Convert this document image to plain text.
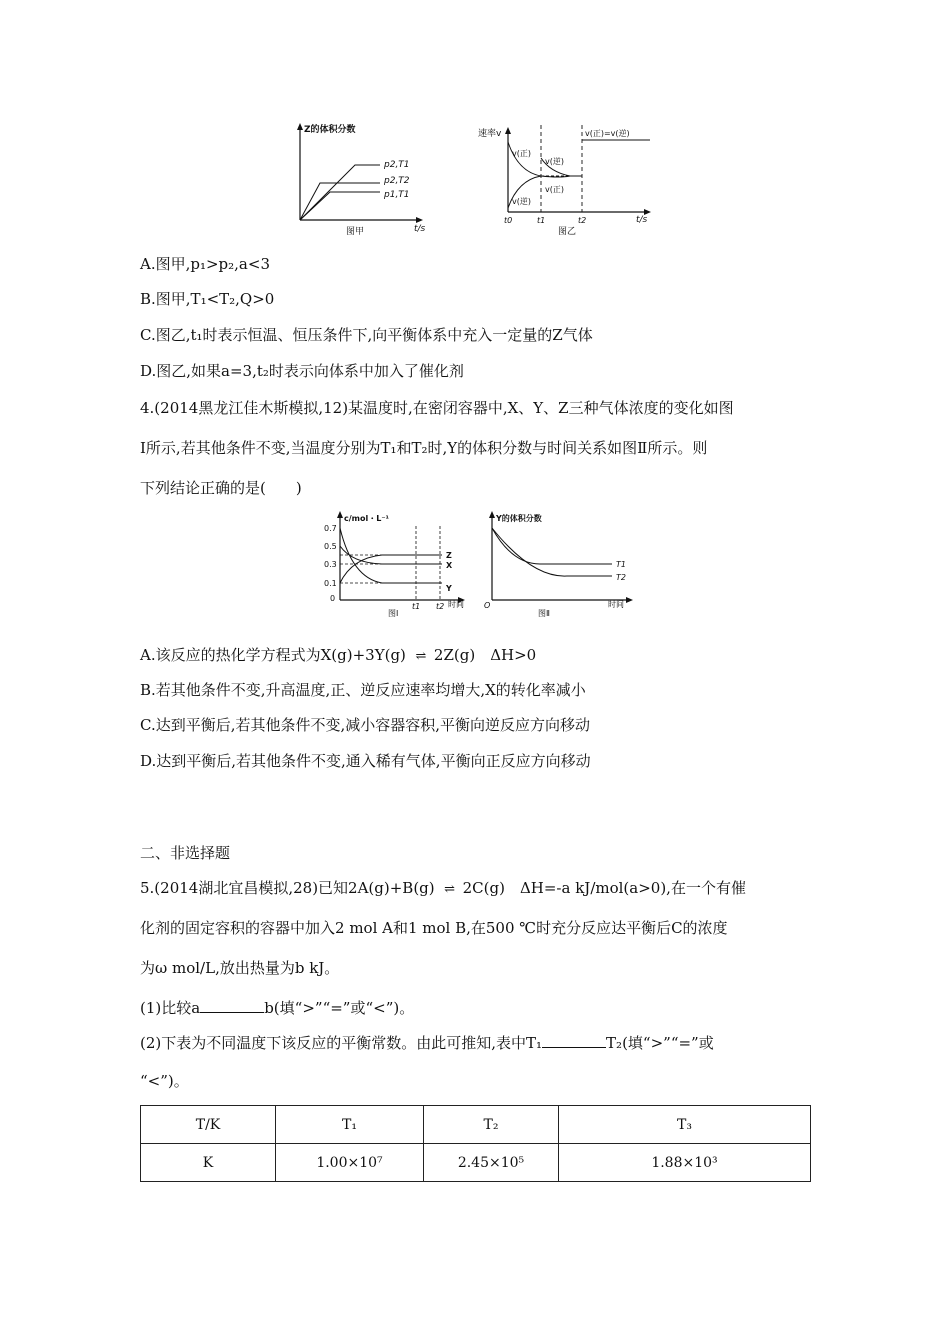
Z的体积分数
t/s
图甲
p2,T1
p2,T2
p1,T1
速率v
t/s
图乙
v(正)
v(逆)
v(逆)
v(正)
v(正)=v(逆)
t0	t1	t2
A.图甲,p₁>p₂,a<3
B.图甲,T₁<T₂,Q>0
C.图乙,t₁时表示恒温、恒压条件下,向平衡体系中充入一定量的Z气体
D.图乙,如果a=3,t₂时表示向体系中加入了催化剂
4.(2014黑龙江佳木斯模拟,12)某温度时,在密闭容器中,X、Y、Z三种气体浓度的变化如图
Ⅰ所示,若其他条件不变,当温度分别为T₁和T₂时,Y的体积分数与时间关系如图Ⅱ所示。则
下列结论正确的是(　　)
c/mol・L⁻¹
0.7
0.5
0.3
0.1
0
Z
X
Y
t1 t2 时间
图Ⅰ
Y的体积分数
T1
T2
O	时间
图Ⅱ
A.该反应的热化学方程式为X(g)+3Y(g) ⇌ 2Z(g)　ΔH>0
B.若其他条件不变,升高温度,正、逆反应速率均增大,X的转化率减小
C.达到平衡后,若其他条件不变,减小容器容积,平衡向逆反应方向移动
D.达到平衡后,若其他条件不变,通入稀有气体,平衡向正反应方向移动
二、非选择题
5.(2014湖北宜昌模拟,28)已知2A(g)+B(g) ⇌ 2C(g)　ΔH=-a kJ/mol(a>0),在一个有催
化剂的固定容积的容器中加入2 mol A和1 mol B,在500 ℃时充分反应达平衡后C的浓度
为ω mol/L,放出热量为b kJ。
(1)比较a	b(填“>”“=”或“<”)。
(2)下表为不同温度下该反应的平衡常数。由此可推知,表中T₁	T₂(填“>”“=”或
“<”)。
T/K	T₁	T₂	T₃
K	1.00×10⁷	2.45×10⁵	1.88×10³
